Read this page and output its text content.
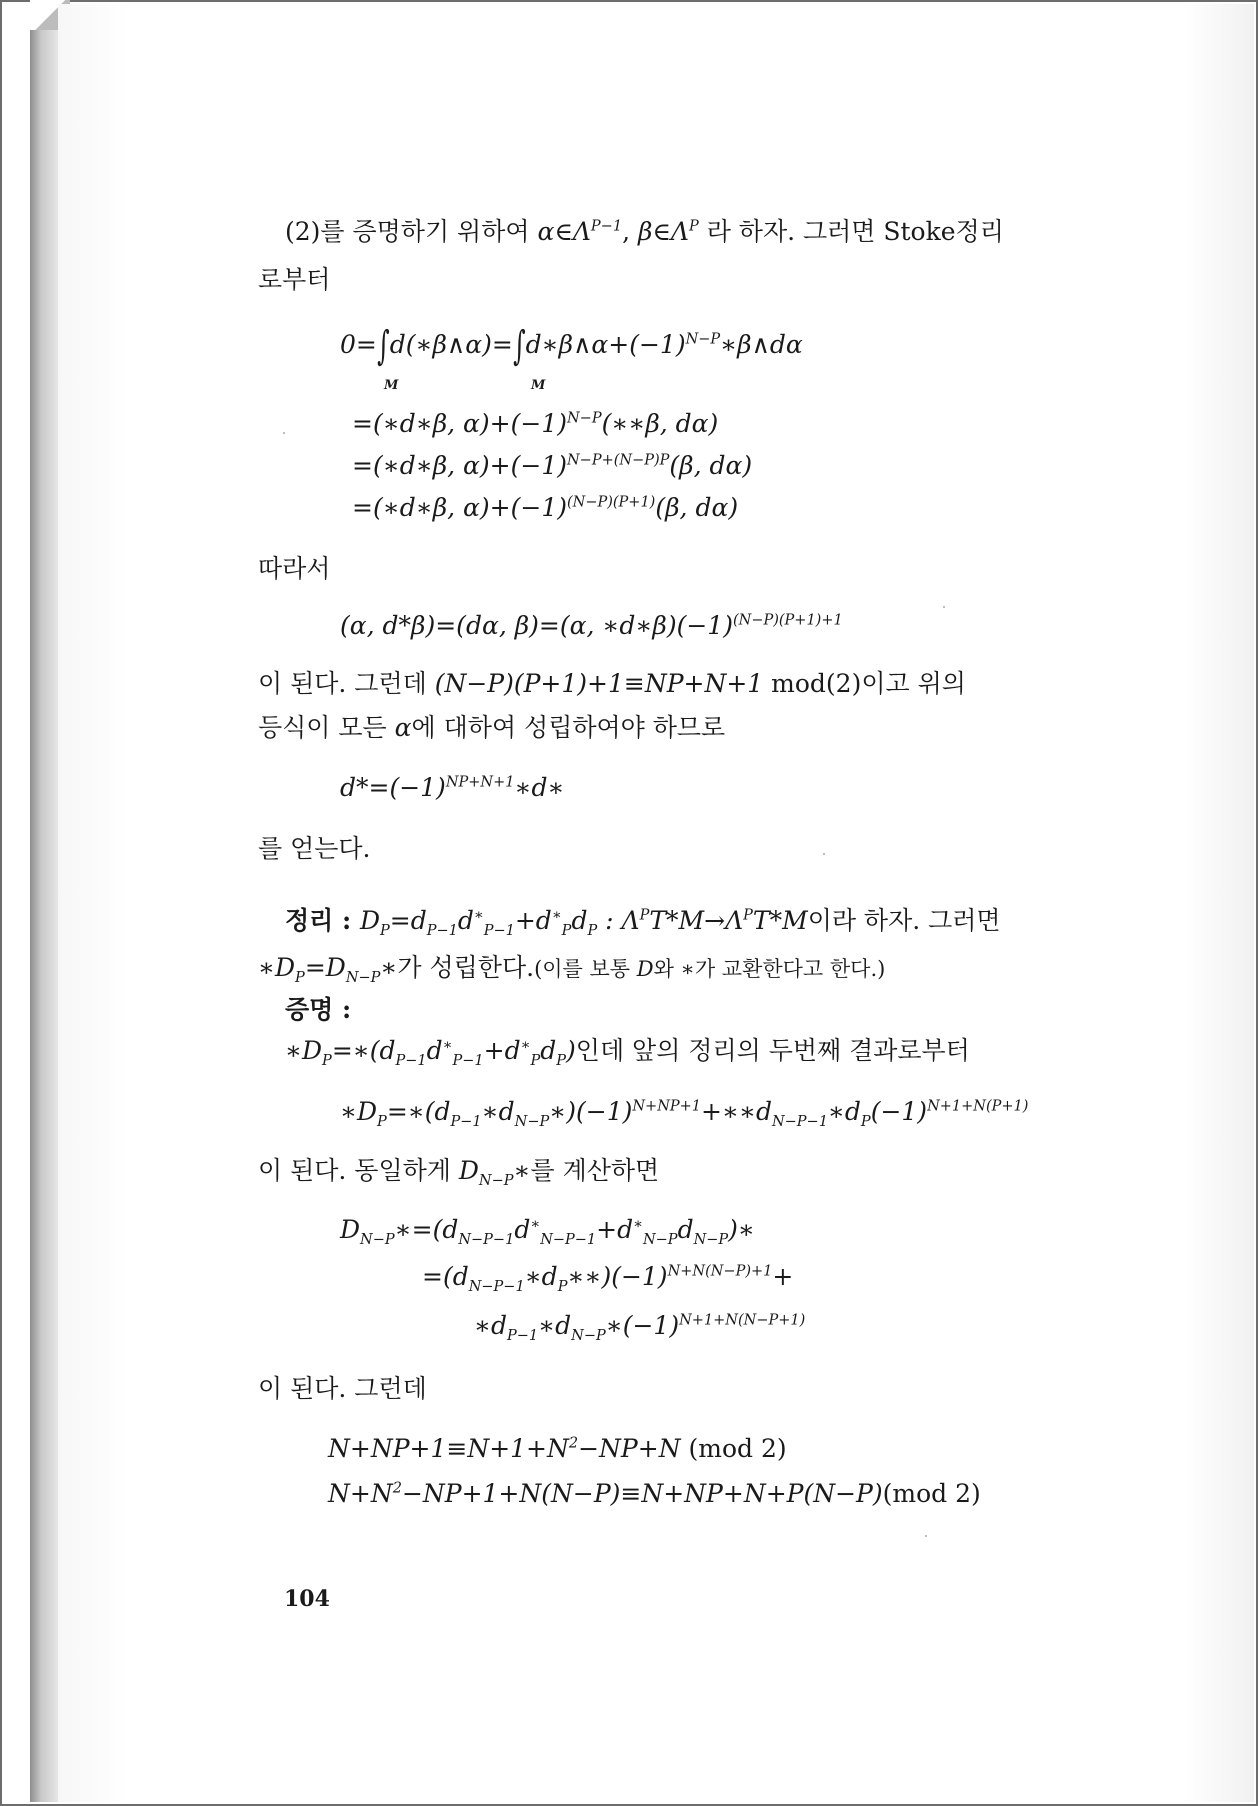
(2)를 증명하기 위하여 $\alpha\in\Lambda^{P-1}$, $\beta\in\Lambda^P$ 라 하자. 그러면 Stoke정리
로부터
$0=\int d(∗\beta\wedge\alpha)=\int d∗\beta\wedge\alpha+(-1)^{N-P}∗\beta\wedge d\alpha$
M	M
=(∗d∗β, $\alpha)+(-1)^{N-P}(∗∗\beta$, dα)
=(∗d∗β, $\alpha)+(-1)^{N-P+(N-P)P}(\beta$, dα)
=(∗d∗β, $\alpha)+(-1)^{(N-P)(P+1)}(\beta$, dα)
따라서
(α, d*β)=(dα, β)=(α, $∗d∗\beta)(-1)^{(N-P)(P+1)+1}$
이 된다. 그런데 (N−P)(P+1)+1≡NP+N+1 mod(2)이고 위의
등식이 모든 α에 대하여 성립하여야 하므로
$d*=(-1)^{NP+N+1}∗d∗$
를 얻는다.
정리 : $D_P=d_{P-1}d^∗_{P-1}+d^∗_Pd_P$ : $\Lambda^PT*M\to\Lambda^PT*M$이라 하자. 그러면
$∗D_P=D_{N-P}∗$가 성립한다.(이를 보통 D와 ∗가 교환한다고 한다.)
증명 :
$∗D_P=∗(d_{P-1}d^∗_{P-1}+d^∗_Pd_P)$인데 앞의 정리의 두번째 결과로부터
$∗D_P=∗(d_{P-1}∗d_{N-P}∗)(-1)^{N+NP+1}+∗∗d_{N-P-1}∗d_P(-1)^{N+1+N(P+1)}$
이 된다. 동일하게 $D_{N-P}∗$를 계산하면
$D_{N-P}∗=(d_{N-P-1}d^∗_{N-P-1}+d^∗_{N-P}d_{N-P})∗$
$=(d_{N-P-1}∗d_P∗∗)(-1)^{N+N(N-P)+1}+$
$∗d_{P-1}∗d_{N-P}∗(-1)^{N+1+N(N-P+1)}$
이 된다. 그런데
$N+NP+1\equiv N+1+N^2-NP+N$ (mod 2)
$N+N^2-NP+1+N(N-P)\equiv N+NP+N+P(N-P)(mod$ 2)
104
